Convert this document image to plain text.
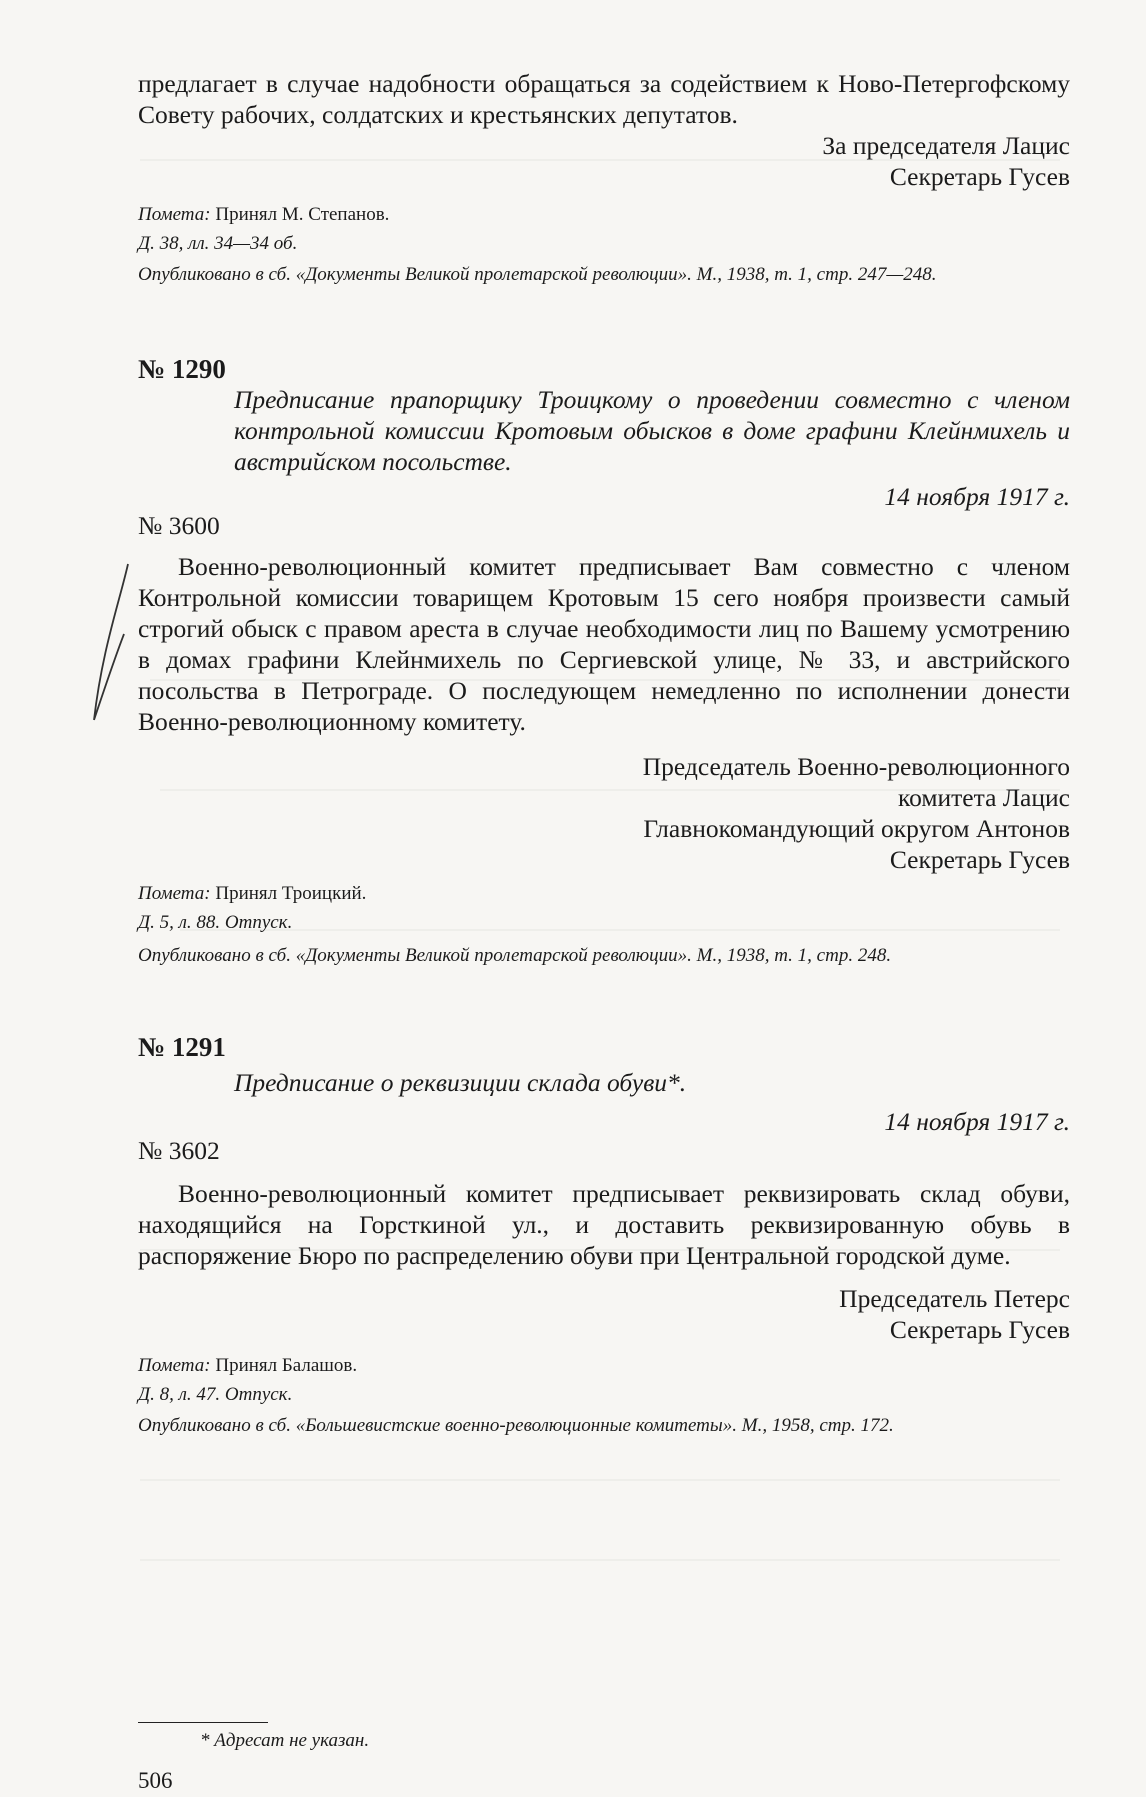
предлагает в случае надобности обращаться за содействием к Ново-Петергофскому Совету рабочих, солдатских и крестьянских депутатов.

За председателя Лацис

Секретарь Гусев

Помета: Принял М. Степанов.

Д. 38, лл. 34—34 об.

Опубликовано в сб. «Документы Великой пролетарской революции». М., 1938, т. 1, стр. 247—248.

№ 1290
Предписание прапорщику Троицкому о проведении совместно с членом контрольной комиссии Кротовым обысков в доме графини Клейнмихель и австрийском посольстве.
14 ноября 1917 г.
№ 3600

Военно-революционный комитет предписывает Вам совместно с членом Контрольной комиссии товарищем Кротовым 15 сего ноября произвести самый строгий обыск с правом ареста в случае необходимости лиц по Вашему усмотрению в домах графини Клейнмихель по Сергиевской улице, № 33, и австрийского посольства в Петрограде. О последующем немедленно по исполнении донести Военно-революционному комитету.

Председатель Военно-революционного

комитета Лацис

Главнокомандующий округом Антонов

Секретарь Гусев

Помета: Принял Троицкий.

Д. 5, л. 88. Отпуск.

Опубликовано в сб. «Документы Великой пролетарской революции». М., 1938, т. 1, стр. 248.

№ 1291
Предписание о реквизиции склада обуви*.
14 ноября 1917 г.
№ 3602

Военно-революционный комитет предписывает реквизировать склад обуви, находящийся на Горсткиной ул., и доставить реквизированную обувь в распоряжение Бюро по распределению обуви при Центральной городской думе.

Председатель Петерс

Секретарь Гусев

Помета: Принял Балашов.

Д. 8, л. 47. Отпуск.

Опубликовано в сб. «Большевистские военно-революционные комитеты». М., 1958, стр. 172.

* Адресат не указан.
506
